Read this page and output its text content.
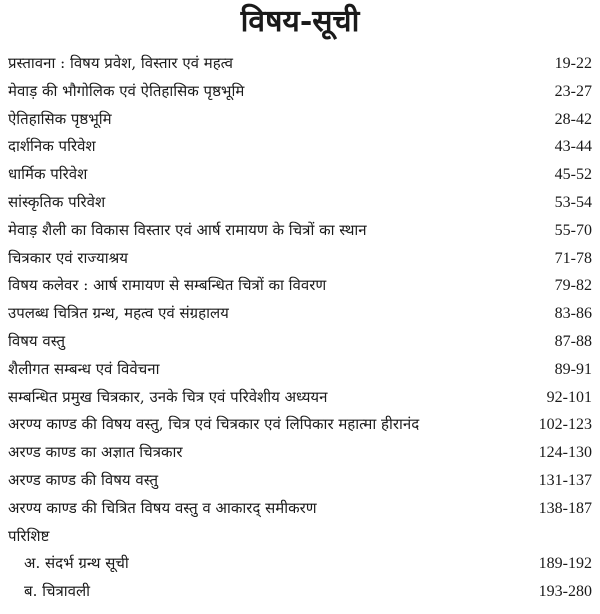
विषय-सूची
प्रस्तावना : विषय प्रवेश, विस्तार एवं महत्व	19-22
मेवाड़ की भौगोलिक एवं ऐतिहासिक पृष्ठभूमि	23-27
ऐतिहासिक पृष्ठभूमि	28-42
दार्शनिक परिवेश	43-44
धार्मिक परिवेश	45-52
सांस्कृतिक परिवेश	53-54
मेवाड़ शैली का विकास विस्तार एवं आर्ष रामायण के चित्रों का स्थान	55-70
चित्रकार एवं राज्याश्रय	71-78
विषय कलेवर : आर्ष रामायण से सम्बन्धित चित्रों का विवरण	79-82
उपलब्ध चित्रित ग्रन्थ, महत्व एवं संग्रहालय	83-86
विषय वस्तु	87-88
शैलीगत सम्बन्ध एवं विवेचना	89-91
सम्बन्धित प्रमुख चित्रकार, उनके चित्र एवं परिवेशीय अध्ययन	92-101
अरण्य काण्ड की विषय वस्तु, चित्र एवं चित्रकार एवं लिपिकार महात्मा हीरानंद	102-123
अरण्ड काण्ड का अज्ञात चित्रकार	124-130
अरण्ड काण्ड की विषय वस्तु	131-137
अरण्य काण्ड की चित्रित विषय वस्तु व आकारद् समीकरण	138-187
परिशिष्ट
अ. संदर्भ ग्रन्थ सूची	189-192
ब. चित्रावली	193-280
